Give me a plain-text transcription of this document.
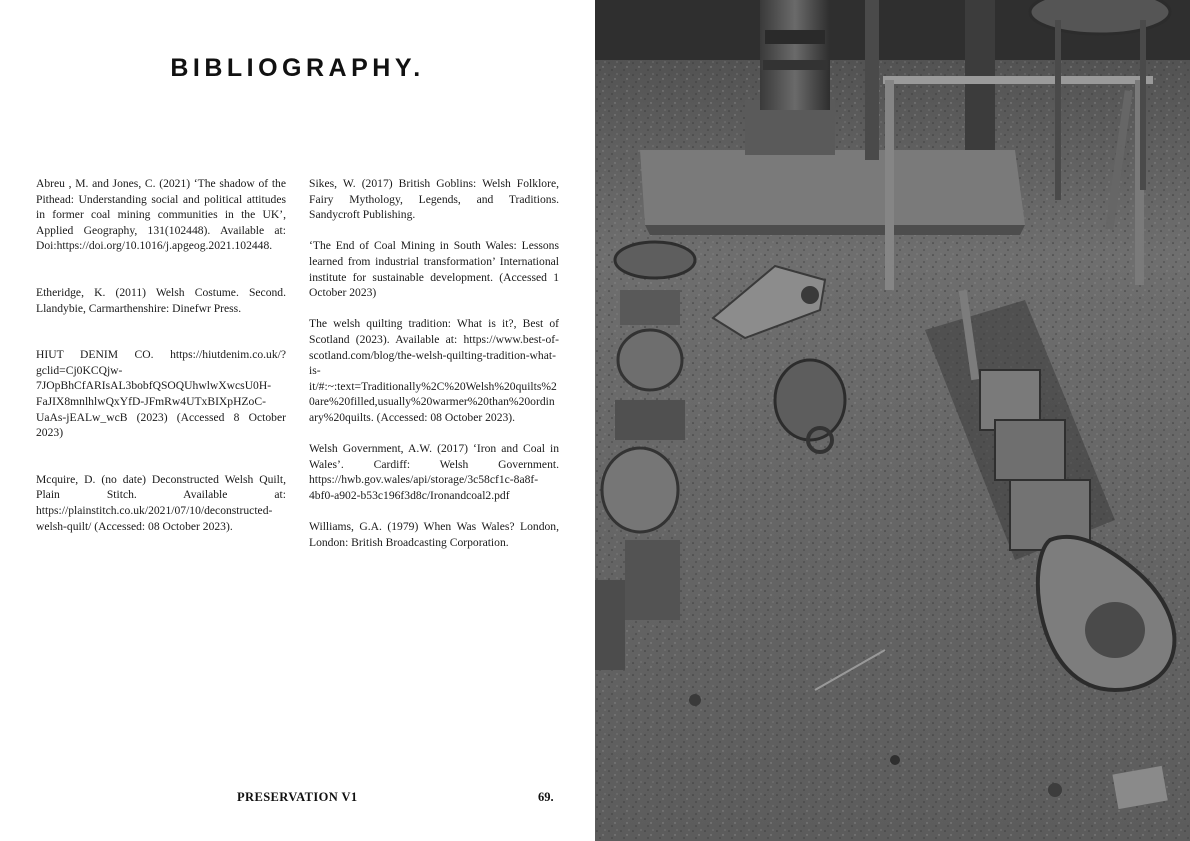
BIBLIOGRAPHY.

Abreu , M. and Jones, C. (2021) ‘The shadow of the Pithead: Understanding social and political attitudes in former coal mining communities in the UK’, Applied Geography, 131(102448). Available at: Doi:https://doi.org/10.1016/j.apgeog.2021.102448.

Etheridge, K. (2011) Welsh Costume. Second. Llandybie, Carmarthenshire: Dinefwr Press.

HIUT DENIM CO. https://hiutdenim.co.uk/?gclid=Cj0KCQjw-7JOpBhCfARIsAL3bobfQSOQUhwlwXwcsU0H-FaJIX8mnlhlwQxYfD-JFmRw4UTxBIXpHZoC-UaAs-jEALw_wcB (2023) (Accessed 8 October 2023)

Mcquire, D. (no date) Deconstructed Welsh Quilt, Plain Stitch. Available at: https://plainstitch.co.uk/2021/07/10/deconstructed-welsh-quilt/ (Accessed: 08 October 2023).

Sikes, W. (2017) British Goblins: Welsh Folklore, Fairy Mythology, Legends, and Traditions. Sandycroft Publishing.

‘The End of Coal Mining in South Wales: Lessons learned from industrial transformation’ International institute for sustainable development. (Accessed 1 October 2023)

The welsh quilting tradition: What is it?, Best of Scotland (2023). Available at: https://www.best-of-scotland.com/blog/the-welsh-quilting-tradition-what-is-it/#:~:text=Traditionally%2C%20Welsh%20quilts%20are%20filled,usually%20warmer%20than%20ordinary%20quilts. (Accessed: 08 October 2023).

Welsh Government, A.W. (2017) ‘Iron and Coal in Wales’. Cardiff: Welsh Government. https://hwb.gov.wales/api/storage/3c58cf1c-8a8f-4bf0-a902-b53c196f3d8c/Ironandcoal2.pdf

Williams, G.A. (1979) When Was Wales? London, London: British Broadcasting Corporation.

PRESERVATION V1	69.
